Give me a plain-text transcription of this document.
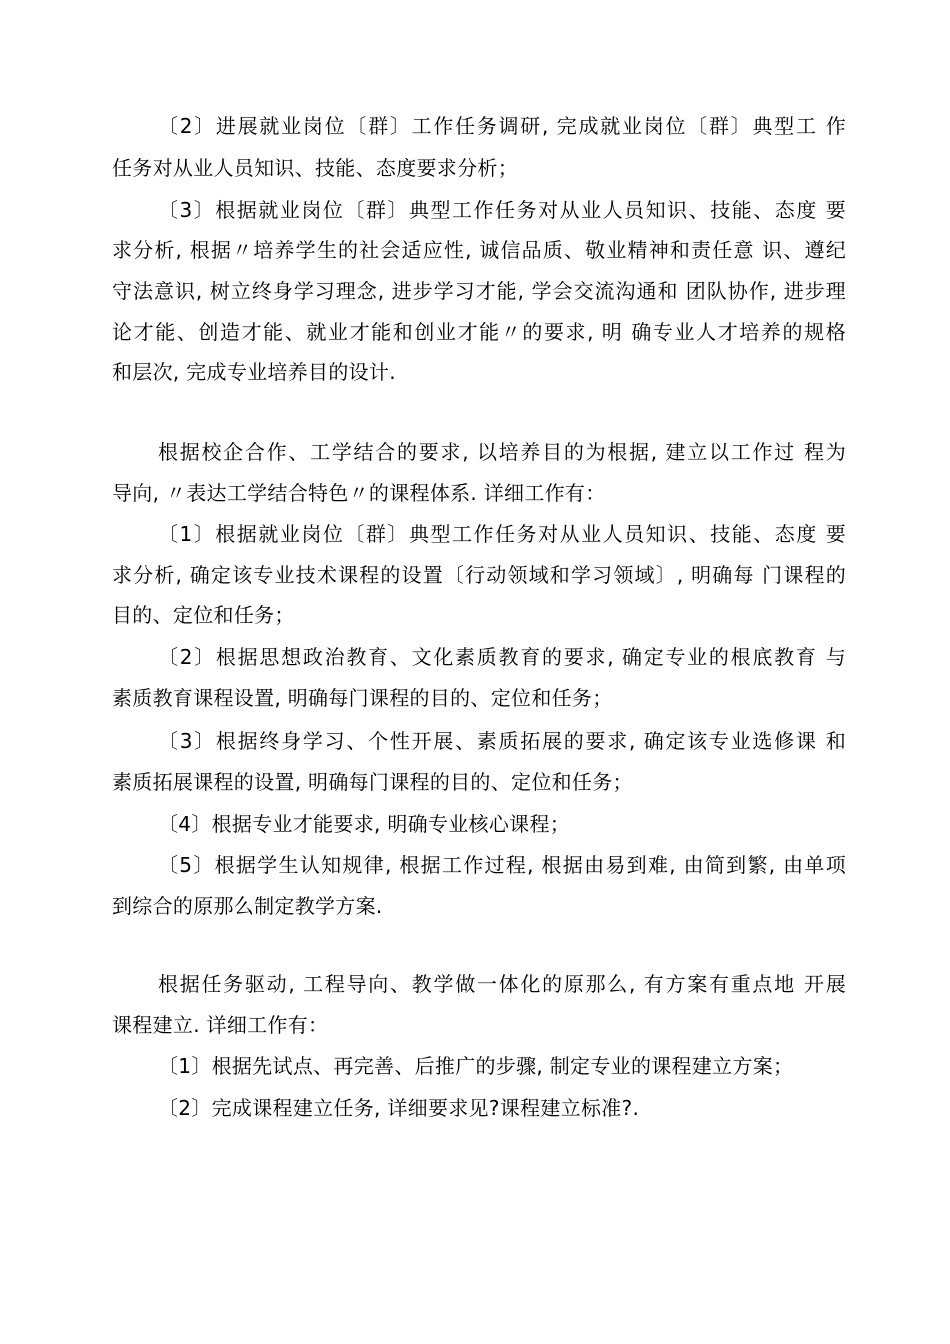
〔2〕进展就业岗位〔群〕工作任务调研, 完成就业岗位〔群〕典型工 作
任务对从业人员知识、技能、态度要求分析；
〔3〕根据就业岗位〔群〕典型工作任务对从业人员知识、技能、态度 要
求分析, 根据〃培养学生的社会适应性, 诚信品质、敬业精神和责任意 识、遵纪
守法意识, 树立终身学习理念, 进步学习才能, 学会交流沟通和 团队协作, 进步理
论才能、创造才能、就业才能和创业才能〃的要求, 明 确专业人才培养的规格
和层次, 完成专业培养目的设计.
根据校企合作、工学结合的要求, 以培养目的为根据, 建立以工作过 程为
导向, 〃表达工学结合特色〃的课程体系. 详细工作有：
〔1〕根据就业岗位〔群〕典型工作任务对从业人员知识、技能、态度 要
求分析, 确定该专业技术课程的设置〔行动领域和学习领域〕, 明确每 门课程的
目的、定位和任务；
〔2〕根据思想政治教育、文化素质教育的要求, 确定专业的根底教育 与
素质教育课程设置, 明确每门课程的目的、定位和任务；
〔3〕根据终身学习、个性开展、素质拓展的要求, 确定该专业选修课 和
素质拓展课程的设置, 明确每门课程的目的、定位和任务；
〔4〕根据专业才能要求, 明确专业核心课程；
〔5〕根据学生认知规律, 根据工作过程, 根据由易到难, 由简到繁, 由单项
到综合的原那么制定教学方案.
根据任务驱动, 工程导向、教学做一体化的原那么, 有方案有重点地 开展
课程建立. 详细工作有：
〔1〕根据先试点、再完善、后推广的步骤, 制定专业的课程建立方案；
〔2〕完成课程建立任务, 详细要求见?课程建立标准?.
